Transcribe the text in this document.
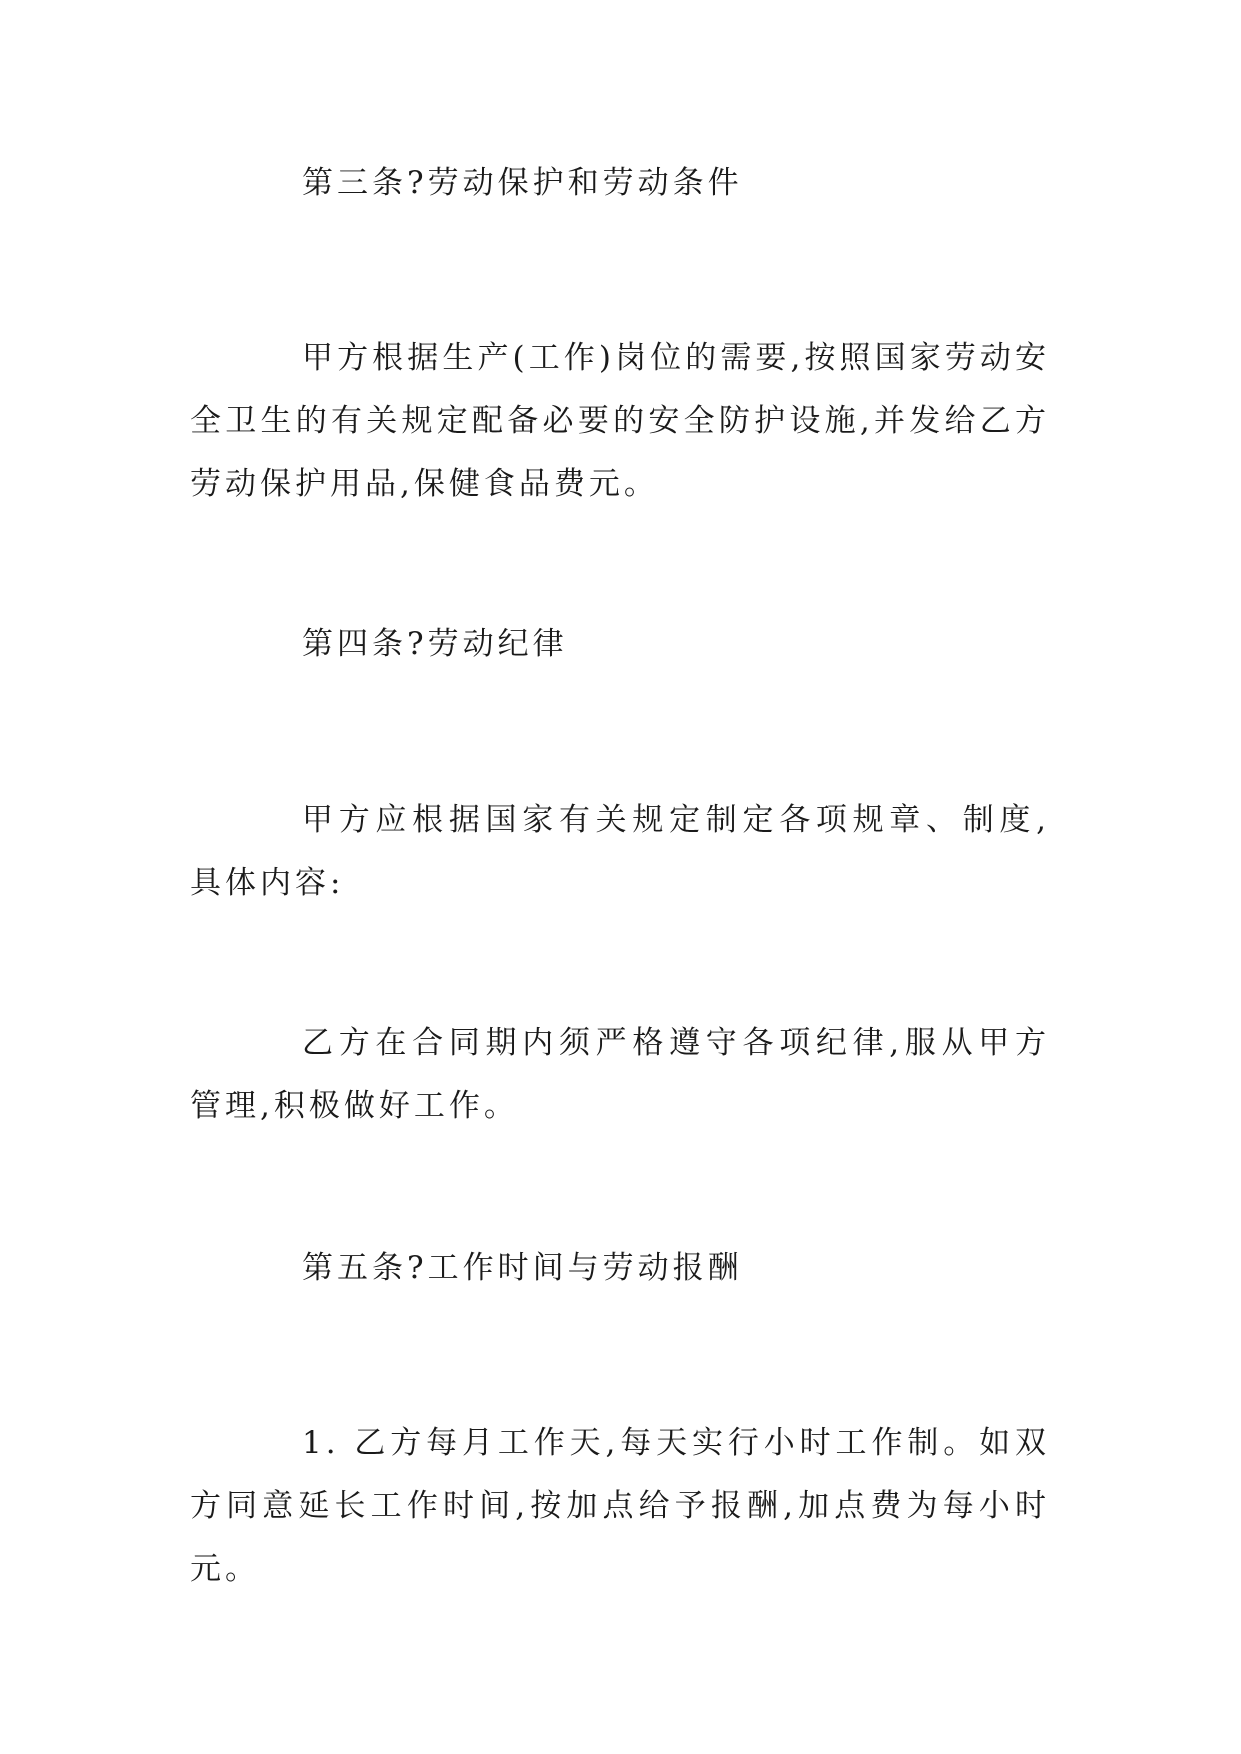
第三条?劳动保护和劳动条件

甲方根据生产(工作)岗位的需要,按照国家劳动安全卫生的有关规定配备必要的安全防护设施,并发给乙方劳动保护用品,保健食品费元。

第四条?劳动纪律

甲方应根据国家有关规定制定各项规章、制度,具体内容:

乙方在合同期内须严格遵守各项纪律,服从甲方管理,积极做好工作。

第五条?工作时间与劳动报酬

1. 乙方每月工作天,每天实行小时工作制。如双方同意延长工作时间,按加点给予报酬,加点费为每小时元。
